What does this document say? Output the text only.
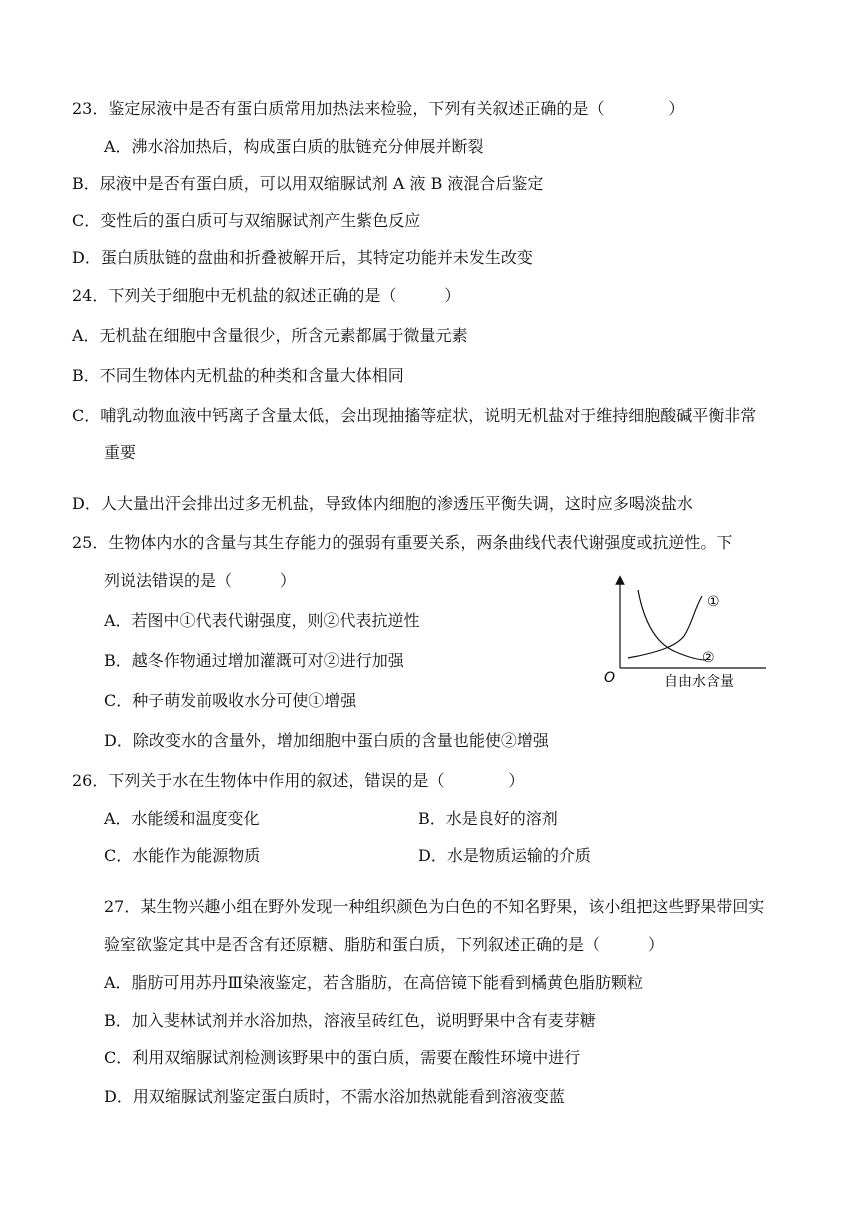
23．鉴定尿液中是否有蛋白质常用加热法来检验，下列有关叙述正确的是（　　　　）
A．沸水浴加热后，构成蛋白质的肽链充分伸展并断裂
B．尿液中是否有蛋白质，可以用双缩脲试剂 A 液 B 液混合后鉴定
C．变性后的蛋白质可与双缩脲试剂产生紫色反应
D．蛋白质肽链的盘曲和折叠被解开后，其特定功能并未发生改变
24．下列关于细胞中无机盐的叙述正确的是（　　　）
A．无机盐在细胞中含量很少，所含元素都属于微量元素
B．不同生物体内无机盐的种类和含量大体相同
C．哺乳动物血液中钙离子含量太低，会出现抽搐等症状，说明无机盐对于维持细胞酸碱平衡非常
重要
D．人大量出汗会排出过多无机盐，导致体内细胞的渗透压平衡失调，这时应多喝淡盐水
25．生物体内水的含量与其生存能力的强弱有重要关系，两条曲线代表代谢强度或抗逆性。下
列说法错误的是（　　　）
A．若图中①代表代谢强度，则②代表抗逆性
B．越冬作物通过增加灌溉可对②进行加强
C．种子萌发前吸收水分可使①增强
D．除改变水的含量外，增加细胞中蛋白质的含量也能使②增强
O	自由水含量
①
②
26．下列关于水在生物体中作用的叙述，错误的是（　　　　）
A．水能缓和温度变化	B．水是良好的溶剂
C．水能作为能源物质	D．水是物质运输的介质
27．某生物兴趣小组在野外发现一种组织颜色为白色的不知名野果，该小组把这些野果带回实
验室欲鉴定其中是否含有还原糖、脂肪和蛋白质，下列叙述正确的是（　　　）
A．脂肪可用苏丹Ⅲ染液鉴定，若含脂肪，在高倍镜下能看到橘黄色脂肪颗粒
B．加入斐林试剂并水浴加热，溶液呈砖红色，说明野果中含有麦芽糖
C．利用双缩脲试剂检测该野果中的蛋白质，需要在酸性环境中进行
D．用双缩脲试剂鉴定蛋白质时，不需水浴加热就能看到溶液变蓝
